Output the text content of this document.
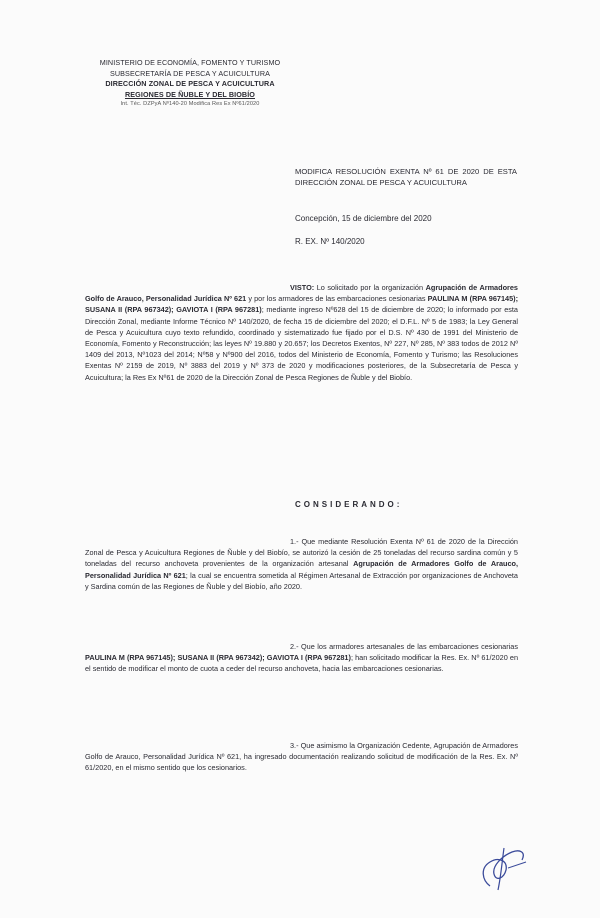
MINISTERIO DE ECONOMÍA, FOMENTO Y TURISMO
SUBSECRETARÍA DE PESCA Y ACUICULTURA
DIRECCIÓN ZONAL DE PESCA Y ACUICULTURA
REGIONES DE ÑUBLE Y DEL BIOBÍO
Int. Téc. DZPyA Nº140-20 Modifica Res Ex Nº61/2020
MODIFICA RESOLUCIÓN EXENTA Nº 61 DE 2020 DE ESTA DIRECCIÓN ZONAL DE PESCA Y ACUICULTURA
Concepción, 15 de diciembre del 2020
R. EX. Nº 140/2020
VISTO: Lo solicitado por la organización Agrupación de Armadores Golfo de Arauco, Personalidad Jurídica Nº 621 y por los armadores de las embarcaciones cesionarias PAULINA M (RPA 967145); SUSANA II (RPA 967342); GAVIOTA I (RPA 967281); mediante ingreso Nº628 del 15 de diciembre de 2020; lo informado por esta Dirección Zonal, mediante Informe Técnico Nº 140/2020, de fecha 15 de diciembre del 2020; el D.F.L. Nº 5 de 1983; la Ley General de Pesca y Acuicultura cuyo texto refundido, coordinado y sistematizado fue fijado por el D.S. Nº 430 de 1991 del Ministerio de Economía, Fomento y Reconstrucción; las leyes Nº 19.880 y 20.657; los Decretos Exentos, Nº 227, Nº 285, Nº 383 todos de 2012 Nº 1409 del 2013, Nº1023 del 2014; Nº58 y Nº900 del 2016, todos del Ministerio de Economía, Fomento y Turismo; las Resoluciones Exentas Nº 2159 de 2019, Nº 3883 del 2019 y Nº 373 de 2020 y modificaciones posteriores, de la Subsecretaría de Pesca y Acuicultura; la Res Ex Nº61 de 2020 de la Dirección Zonal de Pesca Regiones de Ñuble y del Biobío.
CONSIDERANDO:
1.- Que mediante Resolución Exenta Nº 61 de 2020 de la Dirección Zonal de Pesca y Acuicultura Regiones de Ñuble y del Biobío, se autorizó la cesión de 25 toneladas del recurso sardina común y 5 toneladas del recurso anchoveta provenientes de la organización artesanal Agrupación de Armadores Golfo de Arauco, Personalidad Jurídica Nº 621; la cual se encuentra sometida al Régimen Artesanal de Extracción por organizaciones de Anchoveta y Sardina común de las Regiones de Ñuble y del Biobío, año 2020.
2.- Que los armadores artesanales de las embarcaciones cesionarias PAULINA M (RPA 967145); SUSANA II (RPA 967342); GAVIOTA I (RPA 967281); han solicitado modificar la Res. Ex. Nº 61/2020 en el sentido de modificar el monto de cuota a ceder del recurso anchoveta, hacia las embarcaciones cesionarias.
3.- Que asimismo la Organización Cedente, Agrupación de Armadores Golfo de Arauco, Personalidad Jurídica Nº 621, ha ingresado documentación realizando solicitud de modificación de la Res. Ex. Nº 61/2020, en el mismo sentido que los cesionarios.
